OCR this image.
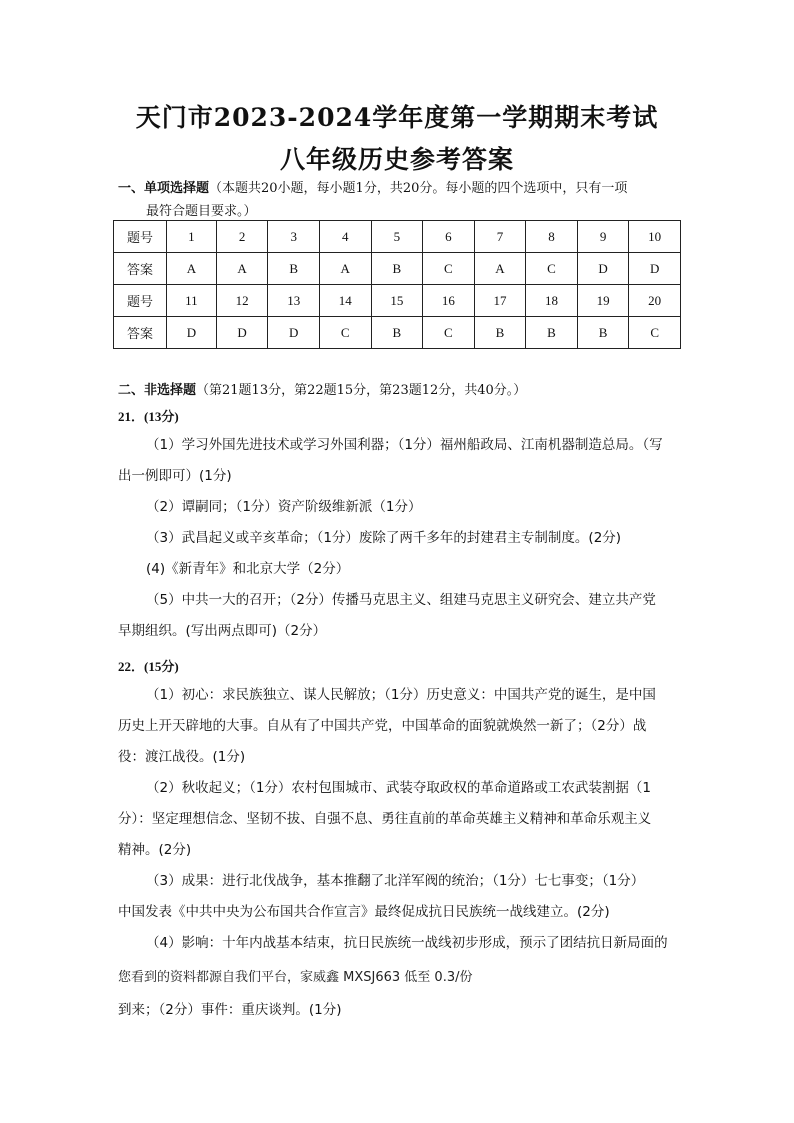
天门市2023-2024学年度第一学期期末考试
八年级历史参考答案
一、单项选择题（本题共20小题，每小题1分，共20分。每小题的四个选项中，只有一项
最符合题目要求。）
题号	1	2	3	4	5	6	7	8	9	10
答案	A	A	B	A	B	C	A	C	D	D
题号	11	12	13	14	15	16	17	18	19	20
答案	D	D	D	C	B	C	B	B	B	C
二、非选择题（第21题13分，第22题15分，第23题12分，共40分。）
21．(13分)

（1）学习外国先进技术或学习外国利器；（1分）福州船政局、江南机器制造总局。（写

出一例即可）(1分)

（2）谭嗣同；（1分）资产阶级维新派（1分）

（3）武昌起义或辛亥革命；（1分）废除了两千多年的封建君主专制制度。(2分)

(4)《新青年》和北京大学（2分）

（5）中共一大的召开；（2分）传播马克思主义、组建马克思主义研究会、建立共产党

早期组织。(写出两点即可)（2分）

22．(15分)

（1）初心：求民族独立、谋人民解放；（1分）历史意义：中国共产党的诞生，是中国

历史上开天辟地的大事。自从有了中国共产党，中国革命的面貌就焕然一新了；（2分）战

役：渡江战役。(1分)

（2）秋收起义；（1分）农村包围城市、武装夺取政权的革命道路或工农武装割据（1

分）：坚定理想信念、坚韧不拔、自强不息、勇往直前的革命英雄主义精神和革命乐观主义

精神。(2分)

（3）成果：进行北伐战争，基本推翻了北洋军阀的统治；（1分）七七事变；（1分）

中国发表《中共中央为公布国共合作宣言》最终促成抗日民族统一战线建立。(2分)

（4）影响：十年内战基本结束，抗日民族统一战线初步形成，预示了团结抗日新局面的

您看到的资料都源自我们平台，家威鑫 MXSJ663 低至 0.3/份

到来；（2分）事件：重庆谈判。(1分)
